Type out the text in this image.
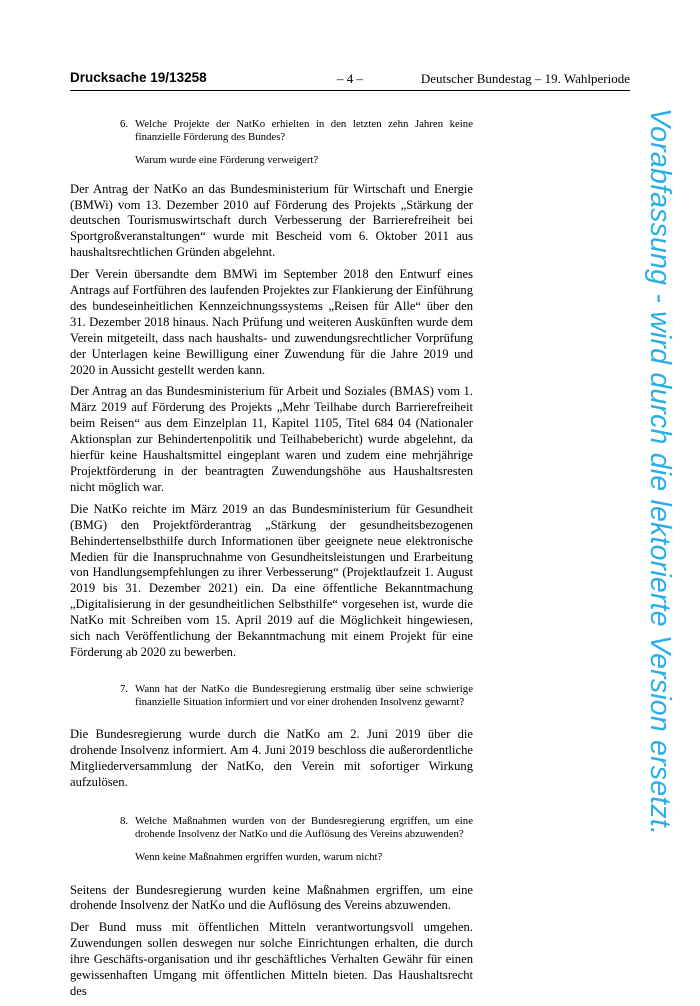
Drucksache 19/13258	– 4 –	Deutscher Bundestag – 19. Wahlperiode
6. Welche Projekte der NatKo erhielten in den letzten zehn Jahren keine finanzielle Förderung des Bundes?

Warum wurde eine Förderung verweigert?

Der Antrag der NatKo an das Bundesministerium für Wirtschaft und Energie (BMWi) vom 13. Dezember 2010 auf Förderung des Projekts „Stärkung der deutschen Tourismuswirtschaft durch Verbesserung der Barrierefreiheit bei Sportgroßveranstaltungen“ wurde mit Bescheid vom 6. Oktober 2011 aus haushaltsrechtlichen Gründen abgelehnt.

Der Verein übersandte dem BMWi im September 2018 den Entwurf eines Antrags auf Fortführen des laufenden Projektes zur Flankierung der Einführung des bundeseinheitlichen Kennzeichnungssystems „Reisen für Alle“ über den 31. Dezember 2018 hinaus. Nach Prüfung und weiteren Auskünften wurde dem Verein mitgeteilt, dass nach haushalts- und zuwendungsrechtlicher Vorprüfung der Unterlagen keine Bewilligung einer Zuwendung für die Jahre 2019 und 2020 in Aussicht gestellt werden kann.

Der Antrag an das Bundesministerium für Arbeit und Soziales (BMAS) vom 1. März 2019 auf Förderung des Projekts „Mehr Teilhabe durch Barrierefreiheit beim Reisen“ aus dem Einzelplan 11, Kapitel 1105, Titel 684 04 (Nationaler Aktionsplan zur Behindertenpolitik und Teilhabebericht) wurde abgelehnt, da hierfür keine Haushaltsmittel eingeplant waren und zudem eine mehrjährige Projektförderung in der beantragten Zuwendungshöhe aus Haushaltsresten nicht möglich war.

Die NatKo reichte im März 2019 an das Bundesministerium für Gesundheit (BMG) den Projektförderantrag „Stärkung der gesundheitsbezogenen Behindertenselbsthilfe durch Informationen über geeignete neue elektronische Medien für die Inanspruchnahme von Gesundheitsleistungen und Erarbeitung von Handlungsempfehlungen zu ihrer Verbesserung“ (Projektlaufzeit 1. August 2019 bis 31. Dezember 2021) ein. Da eine öffentliche Bekanntmachung „Digitalisierung in der gesundheitlichen Selbsthilfe“ vorgesehen ist, wurde die NatKo mit Schreiben vom 15. April 2019 auf die Möglichkeit hingewiesen, sich nach Veröffentlichung der Bekanntmachung mit einem Projekt für eine Förderung ab 2020 zu bewerben.

7. Wann hat der NatKo die Bundesregierung erstmalig über seine schwierige finanzielle Situation informiert und vor einer drohenden Insolvenz gewarnt?

Die Bundesregierung wurde durch die NatKo am 2. Juni 2019 über die drohende Insolvenz informiert. Am 4. Juni 2019 beschloss die außerordentliche Mitgliederversammlung der NatKo, den Verein mit sofortiger Wirkung aufzulösen.

8. Welche Maßnahmen wurden von der Bundesregierung ergriffen, um eine drohende Insolvenz der NatKo und die Auflösung des Vereins abzuwenden?

Wenn keine Maßnahmen ergriffen wurden, warum nicht?

Seitens der Bundesregierung wurden keine Maßnahmen ergriffen, um eine drohende Insolvenz der NatKo und die Auflösung des Vereins abzuwenden.

Der Bund muss mit öffentlichen Mitteln verantwortungsvoll umgehen. Zuwendungen sollen deswegen nur solche Einrichtungen erhalten, die durch ihre Geschäfts-organisation und ihr geschäftliches Verhalten Gewähr für einen gewissenhaften Umgang mit öffentlichen Mitteln bieten. Das Haushaltsrecht des

Vorabfassung - wird durch die lektorierte Version ersetzt.
